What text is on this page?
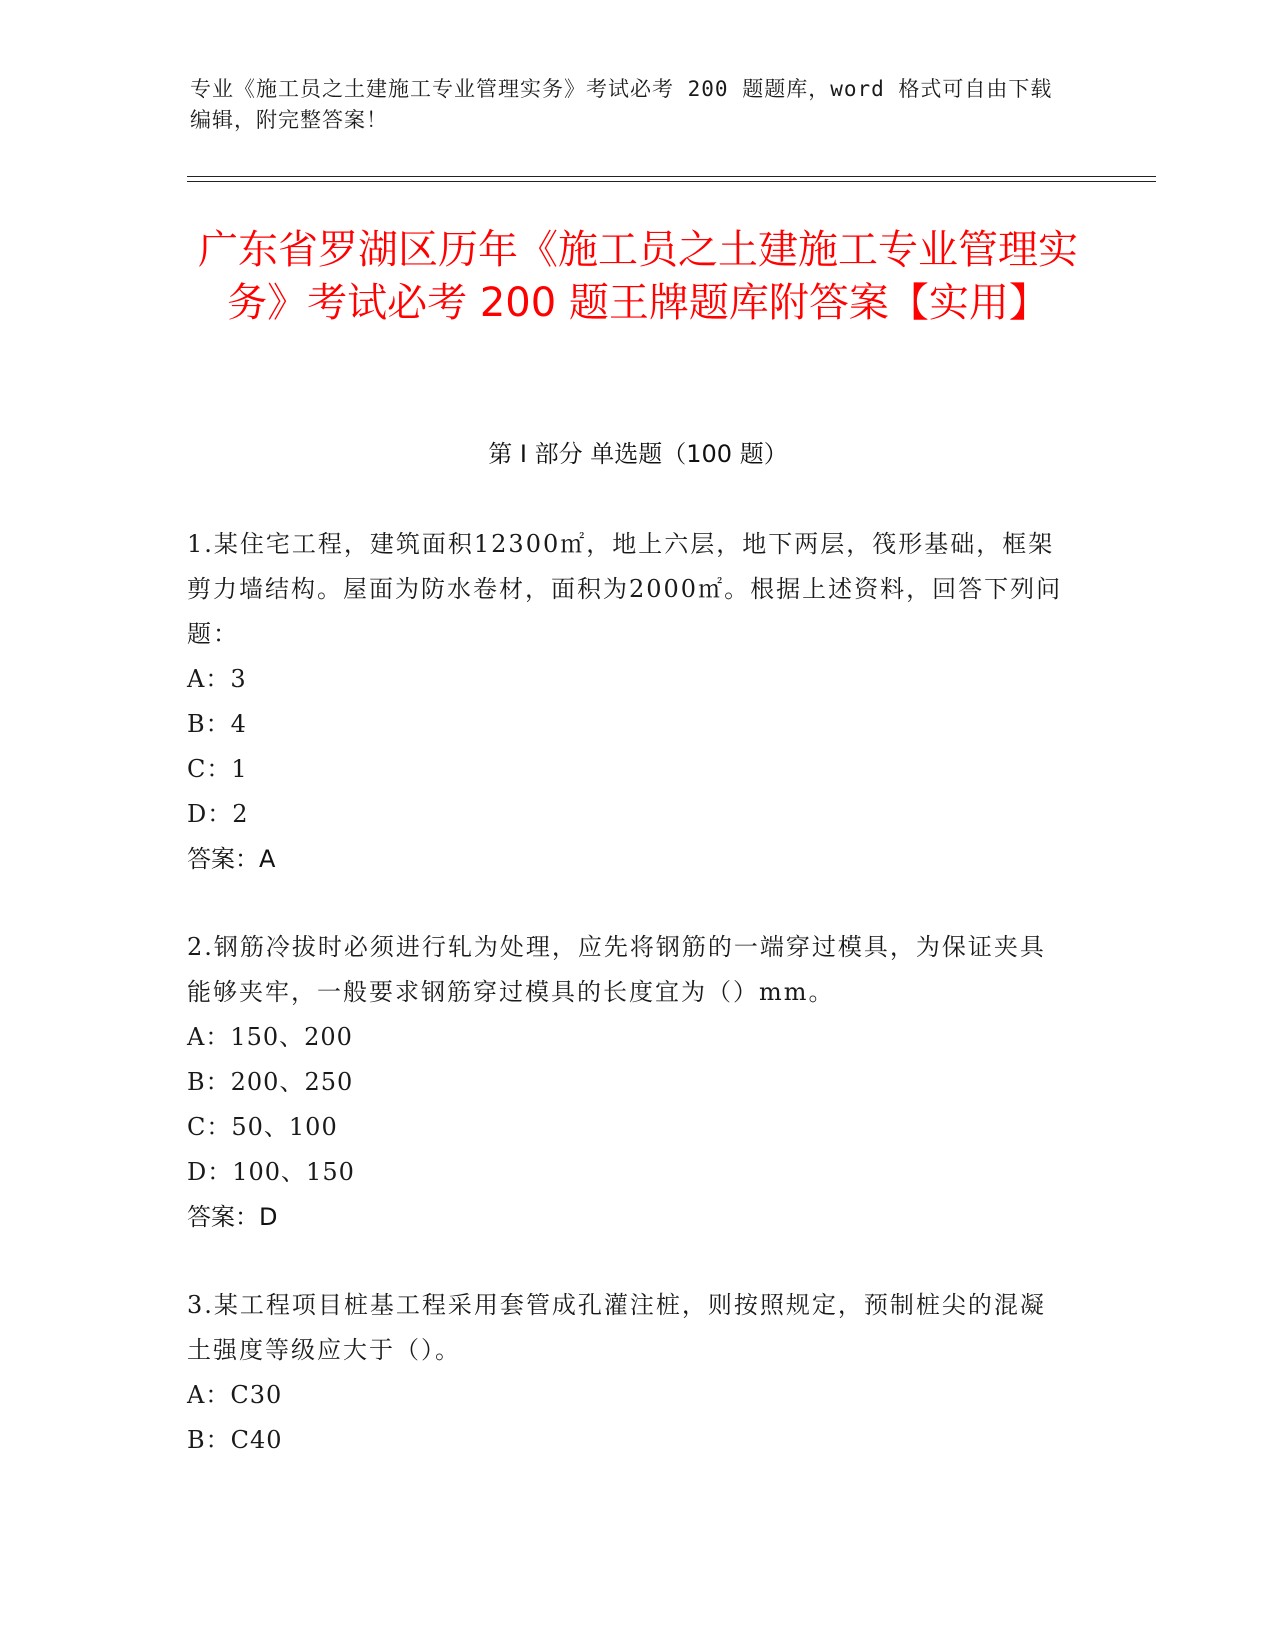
专业《施工员之土建施工专业管理实务》考试必考 200 题题库，word 格式可自由下载编辑，附完整答案！
广东省罗湖区历年《施工员之土建施工专业管理实务》考试必考 200 题王牌题库附答案【实用】
第 I 部分 单选题（100 题）
1.某住宅工程，建筑面积12300㎡，地上六层，地下两层，筏形基础，框架剪力墙结构。屋面为防水卷材，面积为2000㎡。根据上述资料，回答下列问题：
A：3
B：4
C：1
D：2
答案：A
2.钢筋冷拔时必须进行轧为处理，应先将钢筋的一端穿过模具，为保证夹具能够夹牢，一般要求钢筋穿过模具的长度宜为（）mm。
A：150、200
B：200、250
C：50、100
D：100、150
答案：D
3.某工程项目桩基工程采用套管成孔灌注桩，则按照规定，预制桩尖的混凝土强度等级应大于（）。
A：C30
B：C40
